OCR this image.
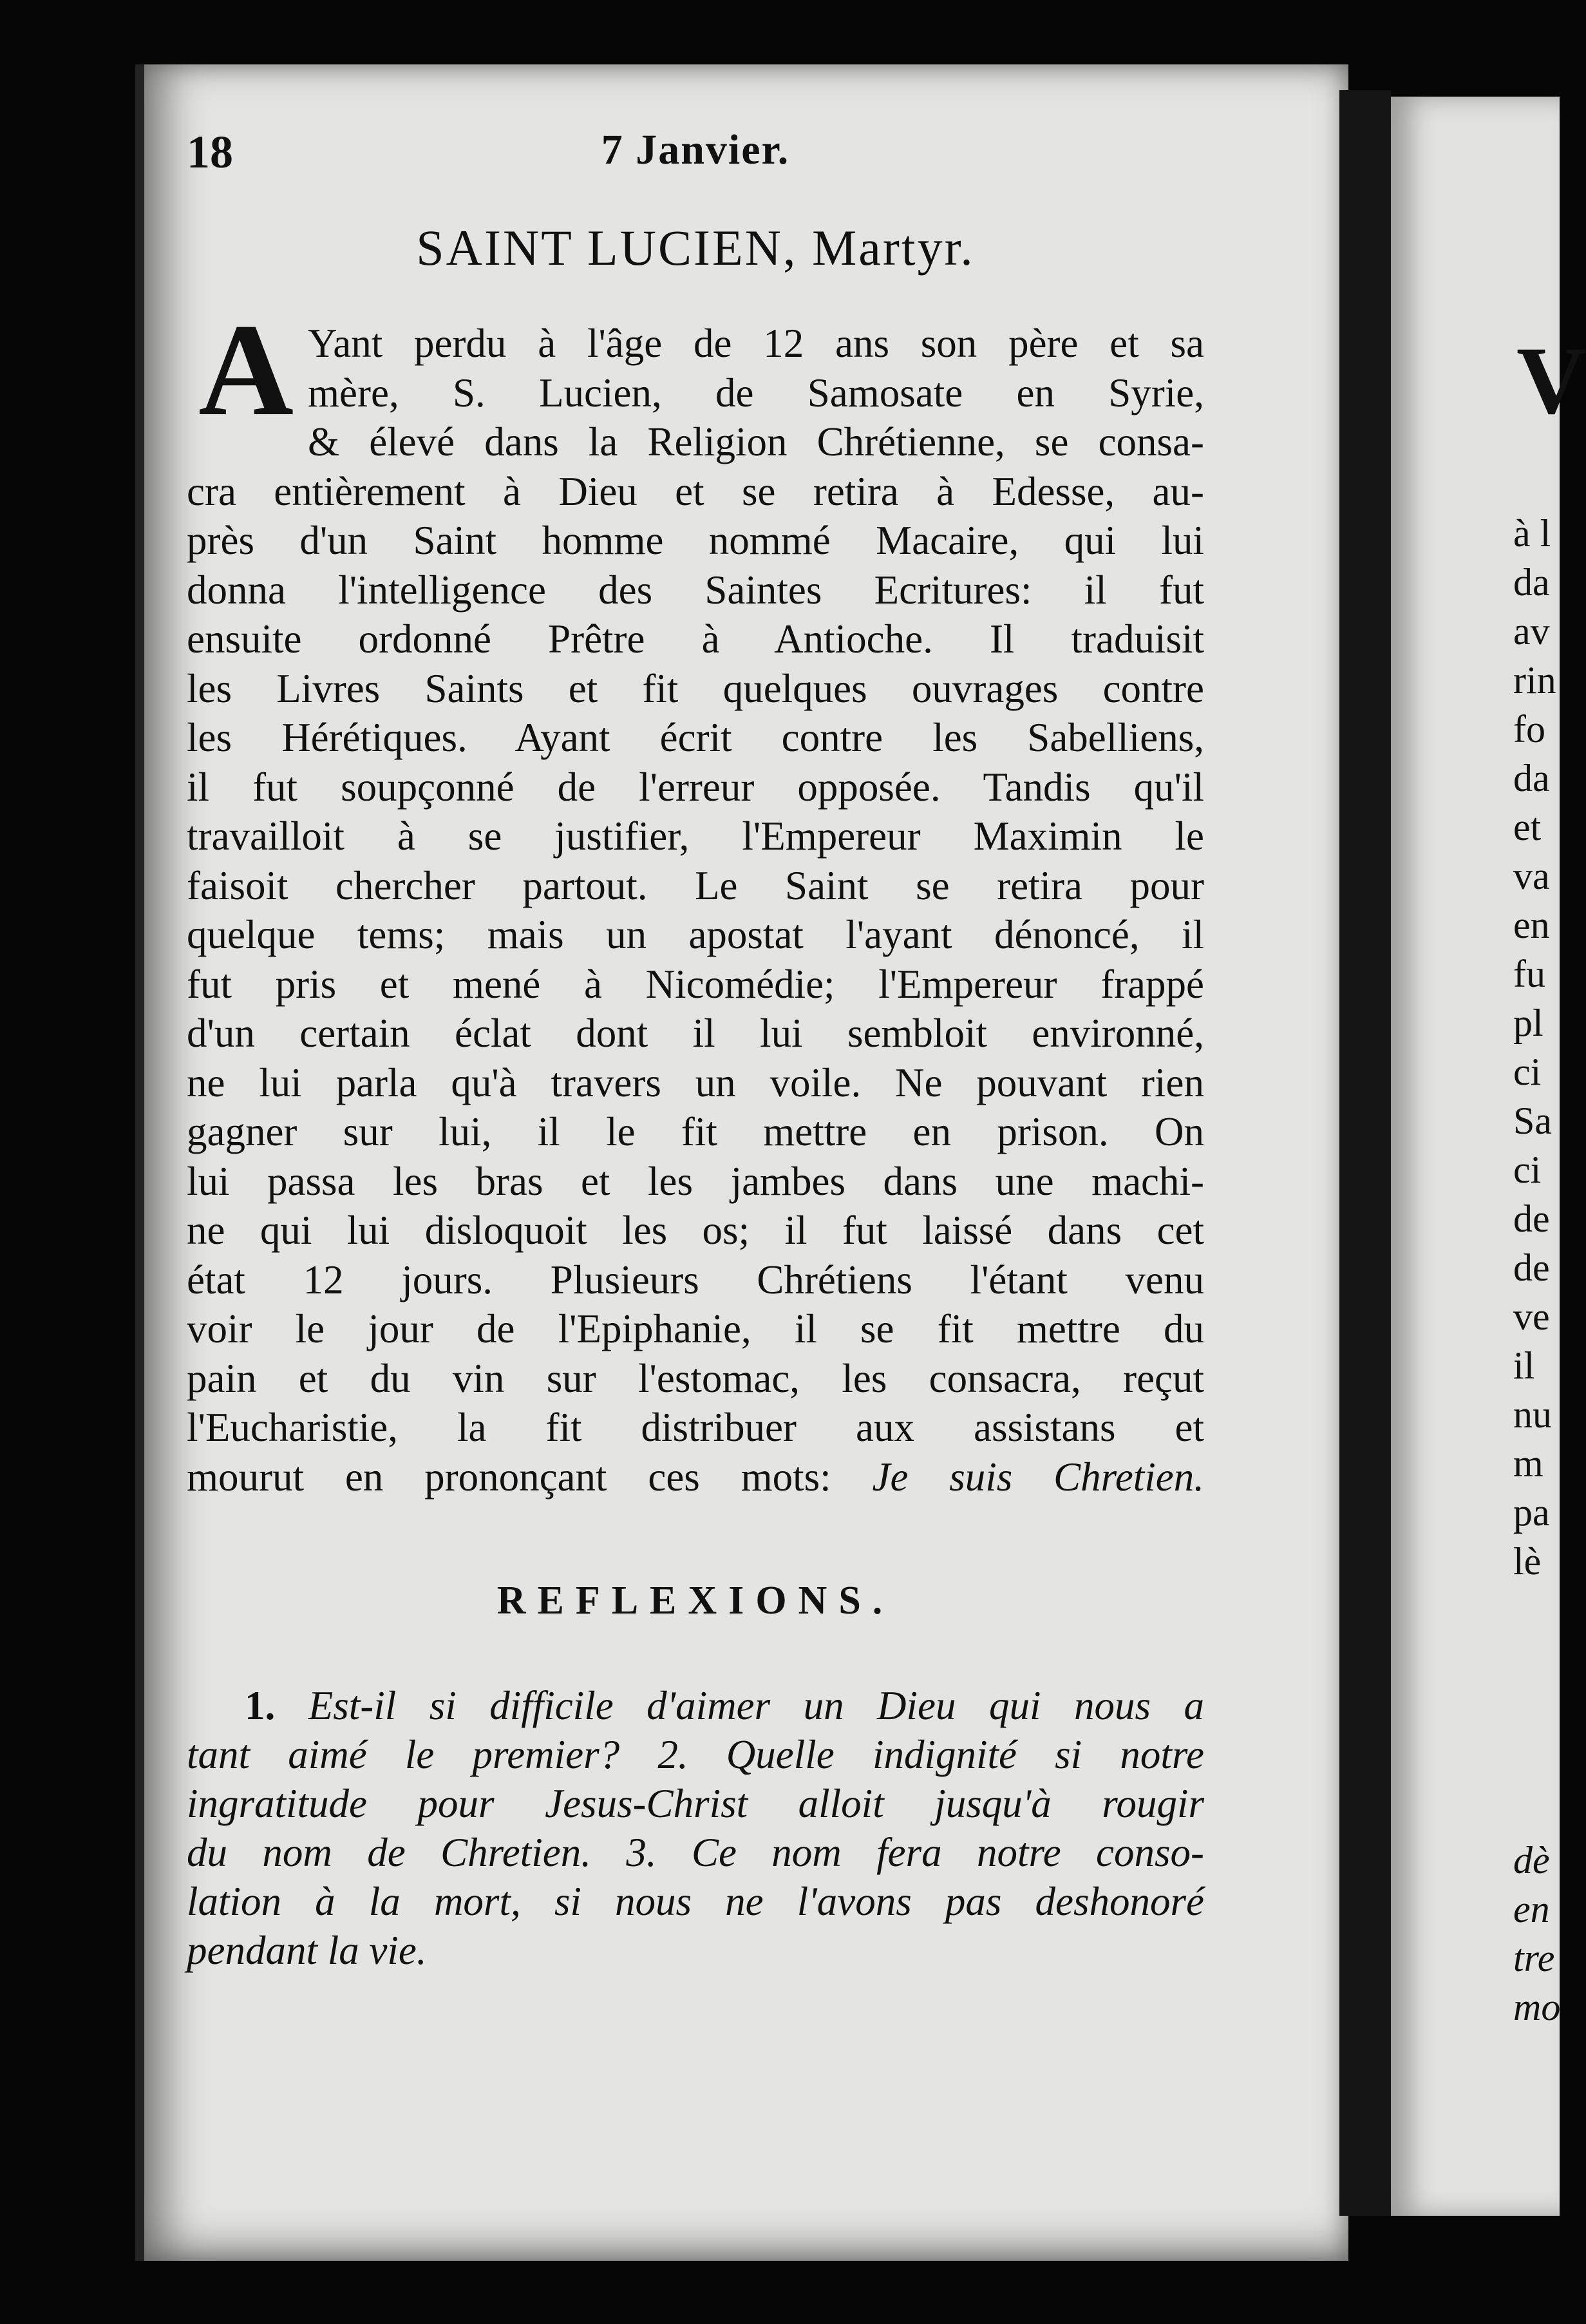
V
à l
da
av
rin
fo
da
et
va
en
fu
pl
ci
Sa
ci
de
de
ve
il
nu
m
pa
lè
dè
en
tre
mo
18	7 Janvier.
SAINT LUCIEN, Martyr.
A Yant perdu à l'âge de 12 ans son père et sa
mère, S. Lucien, de Samosate en Syrie,
& élevé dans la Religion Chrétienne, se consa-
cra entièrement à Dieu et se retira à Edesse, au-
près d'un Saint homme nommé Macaire, qui lui
donna l'intelligence des Saintes Ecritures: il fut
ensuite ordonné Prêtre à Antioche. Il traduisit
les Livres Saints et fit quelques ouvrages contre
les Hérétiques. Ayant écrit contre les Sabelliens,
il fut soupçonné de l'erreur opposée. Tandis qu'il
travailloit à se justifier, l'Empereur Maximin le
faisoit chercher partout. Le Saint se retira pour
quelque tems; mais un apostat l'ayant dénoncé, il
fut pris et mené à Nicomédie; l'Empereur frappé
d'un certain éclat dont il lui sembloit environné,
ne lui parla qu'à travers un voile. Ne pouvant rien
gagner sur lui, il le fit mettre en prison. On
lui passa les bras et les jambes dans une machi-
ne qui lui disloquoit les os; il fut laissé dans cet
état 12 jours. Plusieurs Chrétiens l'étant venu
voir le jour de l'Epiphanie, il se fit mettre du
pain et du vin sur l'estomac, les consacra, reçut
l'Eucharistie, la fit distribuer aux assistans et
mourut en prononçant ces mots: Je suis Chretien.
REFLEXIONS.
1. Est-il si difficile d'aimer un Dieu qui nous a
tant aimé le premier? 2. Quelle indignité si notre
ingratitude pour Jesus-Christ alloit jusqu'à rougir
du nom de Chretien. 3. Ce nom fera notre conso-
lation à la mort, si nous ne l'avons pas deshonoré
pendant la vie.
